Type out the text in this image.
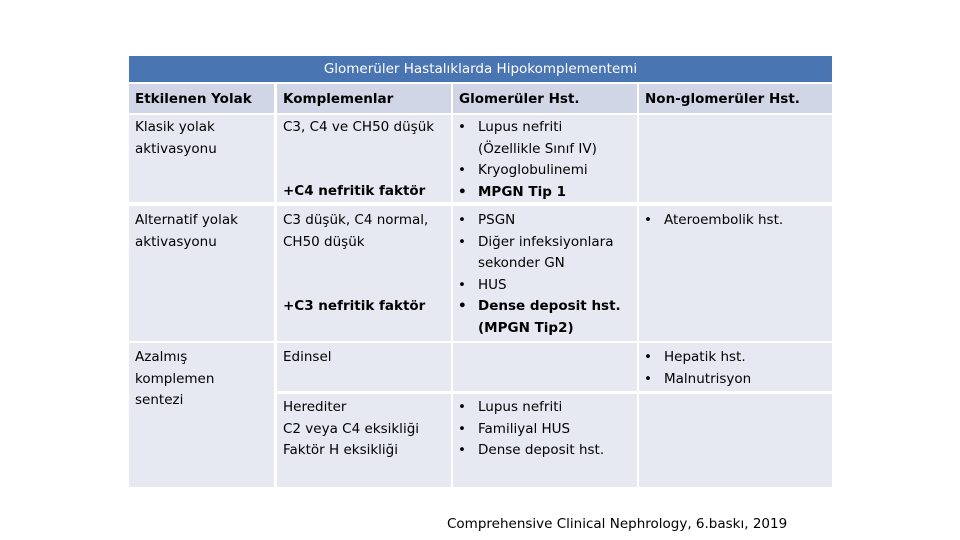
Glomerüler Hastalıklarda Hipokomplementemi
Etkilenen Yolak	Komplemenlar	Glomerüler Hst.	Non-glomerüler Hst.
Klasik yolak
aktivasyonu
C3, C4 ve CH50 düşük
+C4 nefritik faktör
• Lupus nefriti
(Özellikle Sınıf IV)
• Kryoglobulinemi
• MPGN Tip 1
Alternatif yolak
aktivasyonu
C3 düşük, C4 normal,
CH50 düşük
+C3 nefritik faktör
• PSGN
• Diğer infeksiyonlara
sekonder GN
• HUS
• Dense deposit hst.
(MPGN Tip2)
• Ateroembolik hst.
Azalmış
komplemen
sentezi
Edinsel
•	Hepatik hst.
• Malnutrisyon
Herediter
C2 veya C4 eksikliği
Faktör H eksikliği
• Lupus nefriti
• Familiyal HUS
• Dense deposit hst.
Comprehensive Clinical Nephrology, 6.baskı, 2019
